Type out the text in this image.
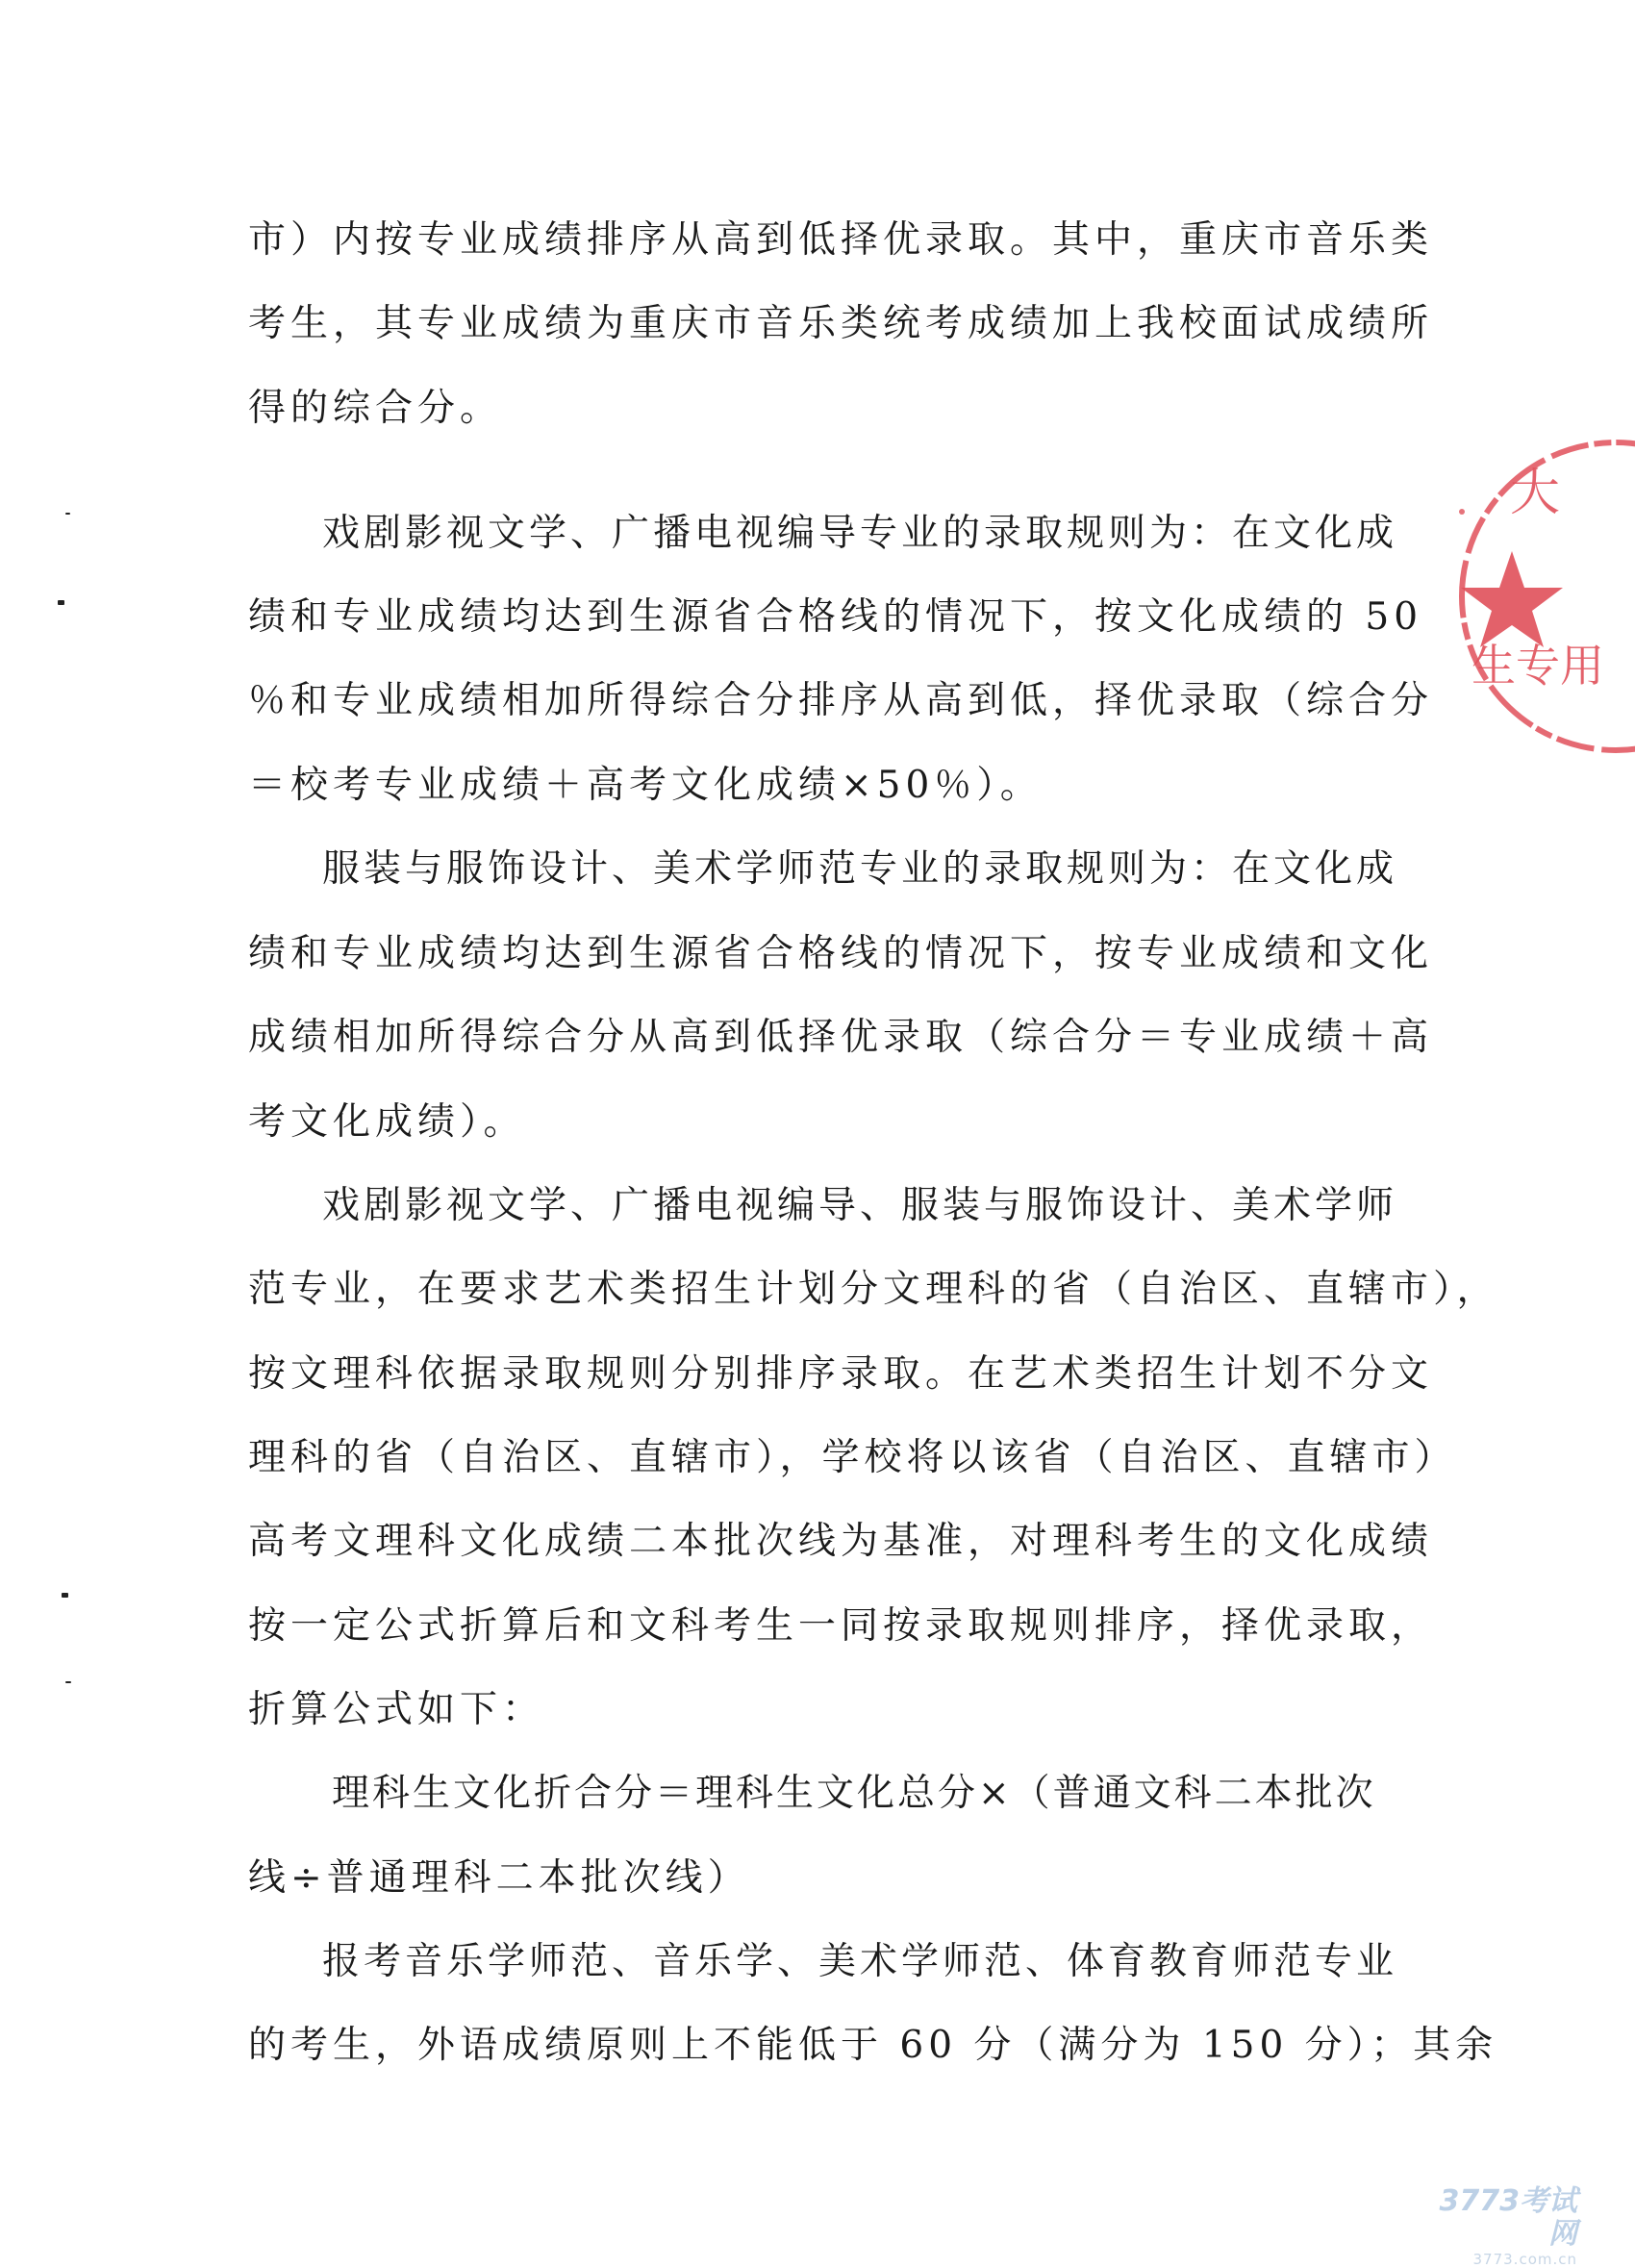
市）内按专业成绩排序从高到低择优录取。其中，重庆市音乐类
考生，其专业成绩为重庆市音乐类统考成绩加上我校面试成绩所
得的综合分。
戏剧影视文学、广播电视编导专业的录取规则为：在文化成
绩和专业成绩均达到生源省合格线的情况下，按文化成绩的 50
％和专业成绩相加所得综合分排序从高到低，择优录取（综合分
＝校考专业成绩＋高考文化成绩×50％）。
服装与服饰设计、美术学师范专业的录取规则为：在文化成
绩和专业成绩均达到生源省合格线的情况下，按专业成绩和文化
成绩相加所得综合分从高到低择优录取（综合分＝专业成绩＋高
考文化成绩）。
戏剧影视文学、广播电视编导、服装与服饰设计、美术学师
范专业，在要求艺术类招生计划分文理科的省（自治区、直辖市），
按文理科依据录取规则分别排序录取。在艺术类招生计划不分文
理科的省（自治区、直辖市），学校将以该省（自治区、直辖市）
高考文理科文化成绩二本批次线为基准，对理科考生的文化成绩
按一定公式折算后和文科考生一同按录取规则排序，择优录取，
折算公式如下：
理科生文化折合分＝理科生文化总分×（普通文科二本批次
线÷普通理科二本批次线）
报考音乐学师范、音乐学、美术学师范、体育教育师范专业
的考生，外语成绩原则上不能低于 60 分（满分为 150 分）；其余
大
生专用
3773考试网
3773.com.cn
